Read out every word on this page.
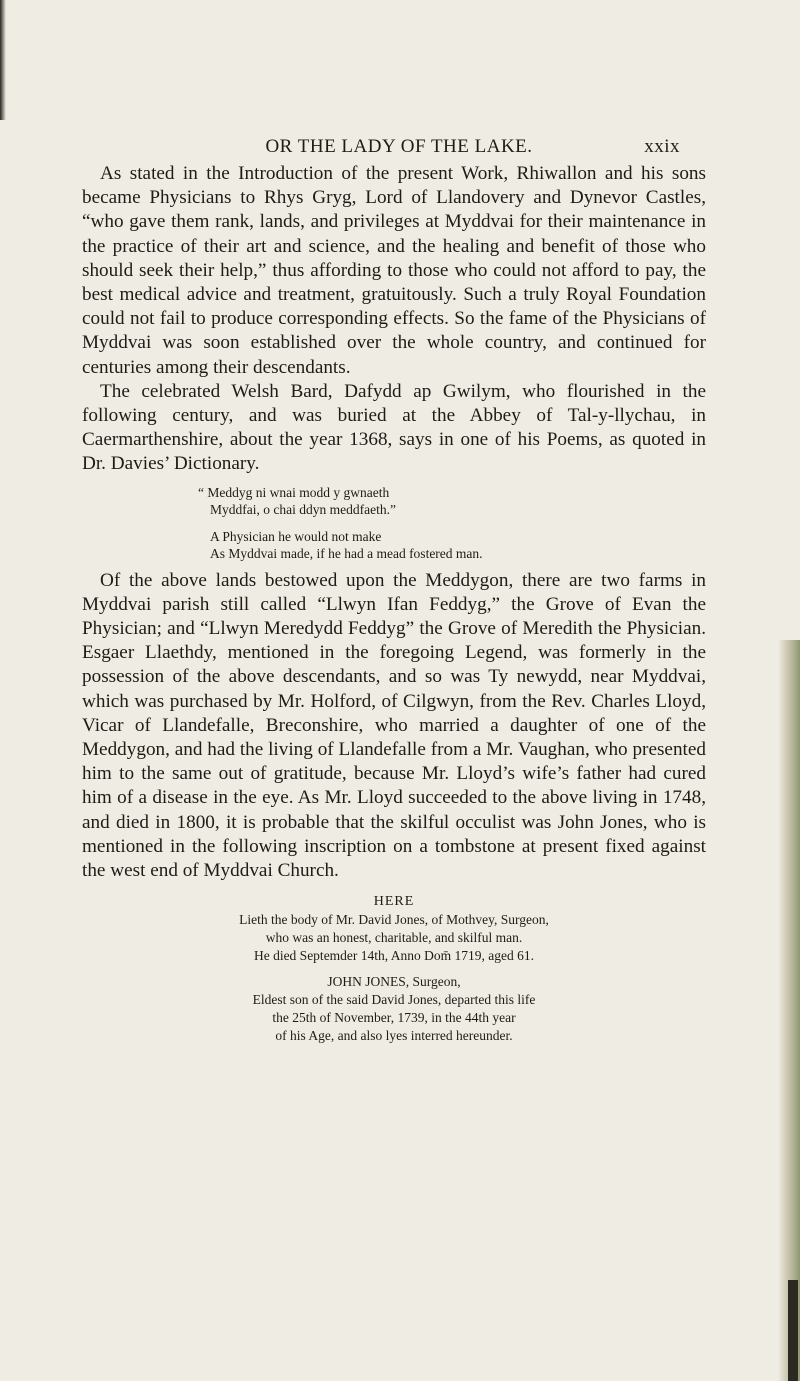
OR THE LADY OF THE LAKE.	xxix

As stated in the Introduction of the present Work, Rhiwallon and his sons became Physicians to Rhys Gryg, Lord of Llandovery and Dynevor Castles, “who gave them rank, lands, and privileges at Myddvai for their maintenance in the practice of their art and science, and the healing and benefit of those who should seek their help,” thus affording to those who could not afford to pay, the best medical advice and treatment, gratuitously. Such a truly Royal Foundation could not fail to produce corresponding effects. So the fame of the Physicians of Myddvai was soon established over the whole country, and continued for centuries among their descendants.

The celebrated Welsh Bard, Dafydd ap Gwilym, who flourished in the following century, and was buried at the Abbey of Tal-y-llychau, in Caermarthenshire, about the year 1368, says in one of his Poems, as quoted in Dr. Davies’ Dictionary.

“ Meddyg ni wnai modd y gwnaeth
Myddfai, o chai ddyn meddfaeth.”
A Physician he would not make
As Myddvai made, if he had a mead fostered man.

Of the above lands bestowed upon the Meddygon, there are two farms in Myddvai parish still called “Llwyn Ifan Feddyg,” the Grove of Evan the Physician; and “Llwyn Meredydd Feddyg” the Grove of Meredith the Physician. Esgaer Llaethdy, mentioned in the foregoing Legend, was formerly in the possession of the above descendants, and so was Ty newydd, near Myddvai, which was purchased by Mr. Holford, of Cilgwyn, from the Rev. Charles Lloyd, Vicar of Llandefalle, Breconshire, who married a daughter of one of the Meddygon, and had the living of Llandefalle from a Mr. Vaughan, who presented him to the same out of gratitude, because Mr. Lloyd’s wife’s father had cured him of a disease in the eye. As Mr. Lloyd succeeded to the above living in 1748, and died in 1800, it is probable that the skilful occulist was John Jones, who is mentioned in the following inscription on a tombstone at present fixed against the west end of Myddvai Church.

HERE
Lieth the body of Mr. David Jones, of Mothvey, Surgeon,
who was an honest, charitable, and skilful man.
He died Septemder 14th, Anno Dom̄ 1719, aged 61.
JOHN JONES, Surgeon,
Eldest son of the said David Jones, departed this life
the 25th of November, 1739, in the 44th year
of his Age, and also lyes interred hereunder.
